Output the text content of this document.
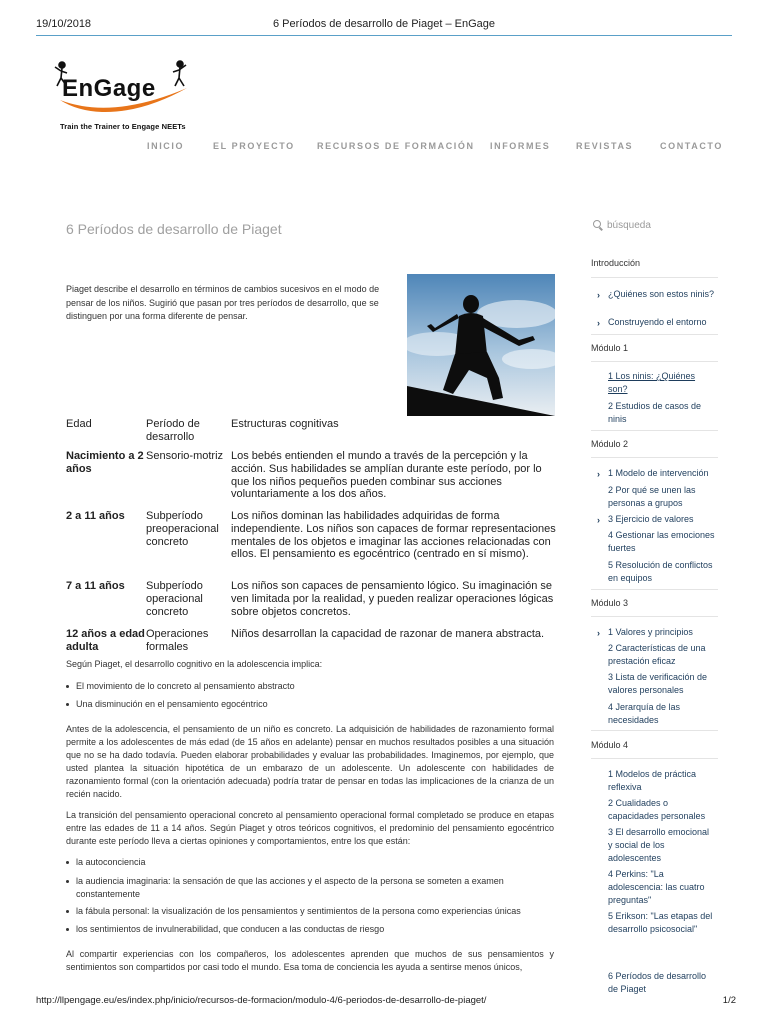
19/10/2018	6 Períodos de desarrollo de Piaget – EnGage
EnGage
Train the Trainer to Engage NEETs
INICIO	EL PROYECTO RECURSOS DE FORMACIÓN INFORMES	REVISTAS	CONTACTO
6 Períodos de desarrollo de Piaget	búsqueda
Piaget describe el desarrollo en términos de cambios sucesivos en el modo de pensar de los niños. Sugirió que pasan por tres períodos de desarrollo, que se distinguen por una forma diferente de pensar.
Edad	Período de desarrollo	Estructuras cognitivas
Nacimiento a 2 años	Sensorio-motriz	Los bebés entienden el mundo a través de la percepción y la acción. Sus habilidades se amplían durante este período, por lo que los niños pequeños pueden combinar sus acciones voluntariamente a los dos años.
2 a 11 años	Subperíodo preoperacional concreto	Los niños dominan las habilidades adquiridas de forma independiente. Los niños son capaces de formar representaciones mentales de los objetos e imaginar las acciones relacionadas con ellos. El pensamiento es egocéntrico (centrado en sí mismo).
7 a 11 años	Subperíodo operacional concreto	Los niños son capaces de pensamiento lógico. Su imaginación se ven limitada por la realidad, y pueden realizar operaciones lógicas sobre objetos concretos.
12 años a edad adulta	Operaciones formales	Niños desarrollan la capacidad de razonar de manera abstracta.
Según Piaget, el desarrollo cognitivo en la adolescencia implica:
El movimiento de lo concreto al pensamiento abstracto
Una disminución en el pensamiento egocéntrico
Antes de la adolescencia, el pensamiento de un niño es concreto. La adquisición de habilidades de razonamiento formal permite a los adolescentes de más edad (de 15 años en adelante) pensar en muchos resultados posibles a una situación que no se ha dado todavía. Pueden elaborar probabilidades y evaluar las probabilidades. Imaginemos, por ejemplo, que usted plantea la situación hipotética de un embarazo de un adolescente. Un adolescente con habilidades de razonamiento formal (con la orientación adecuada) podría tratar de pensar en todas las implicaciones de la crianza de un recién nacido.
La transición del pensamiento operacional concreto al pensamiento operacional formal completado se produce en etapas entre las edades de 11 a 14 años. Según Piaget y otros teóricos cognitivos, el predominio del pensamiento egocéntrico durante este período lleva a ciertas opiniones y comportamientos, entre los que están:
la autoconciencia
la audiencia imaginaria: la sensación de que las acciones y el aspecto de la persona se someten a examen constantemente
la fábula personal: la visualización de los pensamientos y sentimientos de la persona como experiencias únicas
los sentimientos de invulnerabilidad, que conducen a las conductas de riesgo
Al compartir experiencias con los compañeros, los adolescentes aprenden que muchos de sus pensamientos y sentimientos son compartidos por casi todo el mundo. Esa toma de conciencia les ayuda a sentirse menos únicos,
Introducción
› ¿Quiénes son estos ninis?
› Construyendo el entorno
Módulo 1
1 Los ninis: ¿Quiénes son?
2 Estudios de casos de ninis
Módulo 2
› 1 Modelo de intervención
2 Por qué se unen las personas a grupos
› 3 Ejercicio de valores
4 Gestionar las emociones fuertes
5 Resolución de conflictos en equipos
Módulo 3
› 1 Valores y principios
2 Características de una prestación eficaz
3 Lista de verificación de valores personales
4 Jerarquía de las necesidades
Módulo 4
1 Modelos de práctica reflexiva
2 Cualidades o capacidades personales
3 El desarrollo emocional y social de los adolescentes
4 Perkins: "La adolescencia: las cuatro preguntas"
5 Erikson: "Las etapas del desarrollo psicosocial"
6 Períodos de desarrollo de Piaget
http://llpengage.eu/es/index.php/inicio/recursos-de-formacion/modulo-4/6-periodos-de-desarrollo-de-piaget/	1/2
